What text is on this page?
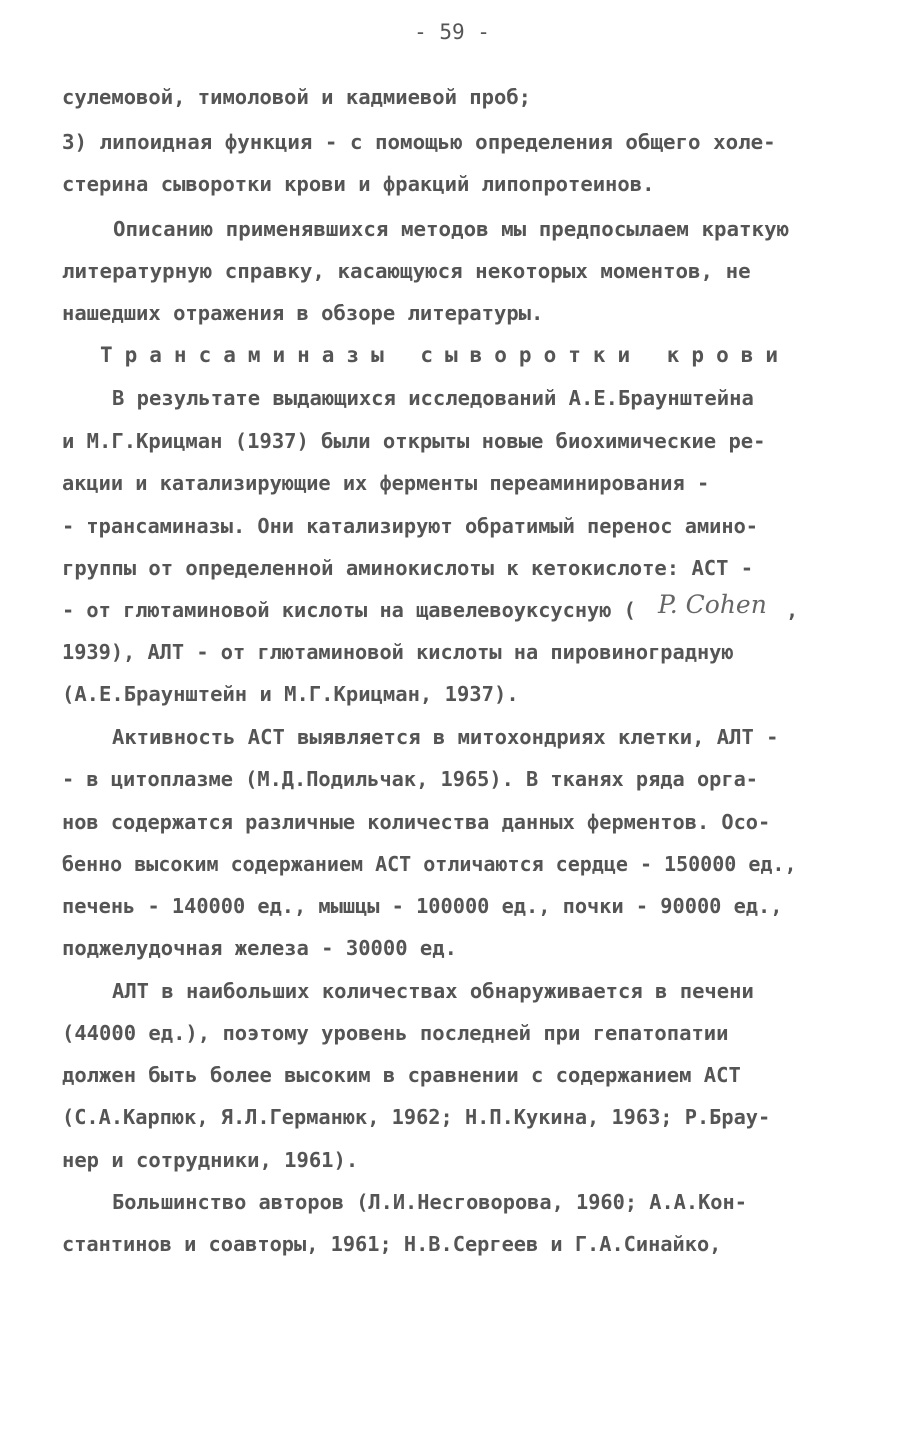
- 59 -
сулемовой, тимоловой и кадмиевой проб;
3) липоидная функция - с помощью определения общего холе-
стерина сыворотки крови и фракций липопротеинов.
Описанию применявшихся методов мы предпосылаем краткую
литературную справку, касающуюся некоторых моментов, не
нашедших отражения в обзоре литературы.
Трансаминазы сыворотки крови
В результате выдающихся исследований А.Е.Браунштейна
и М.Г.Крицман (1937) были открыты новые биохимические ре-
акции и катализирующие их ферменты переаминирования -
- трансаминазы. Они катализируют обратимый перенос амино-
группы от определенной аминокислоты к кетокислоте: АСТ -
- от глютаминовой кислоты на щавелевоуксусную ( P. Cohen ,
1939), АЛТ - от глютаминовой кислоты на пировиноградную
(А.Е.Браунштейн и М.Г.Крицман, 1937).
Активность АСТ выявляется в митохондриях клетки, АЛТ -
- в цитоплазме (М.Д.Подильчак, 1965). В тканях ряда орга-
нов содержатся различные количества данных ферментов. Осо-
бенно высоким содержанием АСТ отличаются сердце - 150000 ед.,
печень - 140000 ед., мышцы - 100000 ед., почки - 90000 ед.,
поджелудочная железа - 30000 ед.
АЛТ в наибольших количествах обнаруживается в печени
(44000 ед.), поэтому уровень последней при гепатопатии
должен быть более высоким в сравнении с содержанием АСТ
(С.А.Карпюк, Я.Л.Германюк, 1962; Н.П.Кукина, 1963; Р.Брау-
нер и сотрудники, 1961).
Большинство авторов (Л.И.Несговорова, 1960; А.А.Кон-
стантинов и соавторы, 1961; Н.В.Сергеев и Г.А.Синайко,
